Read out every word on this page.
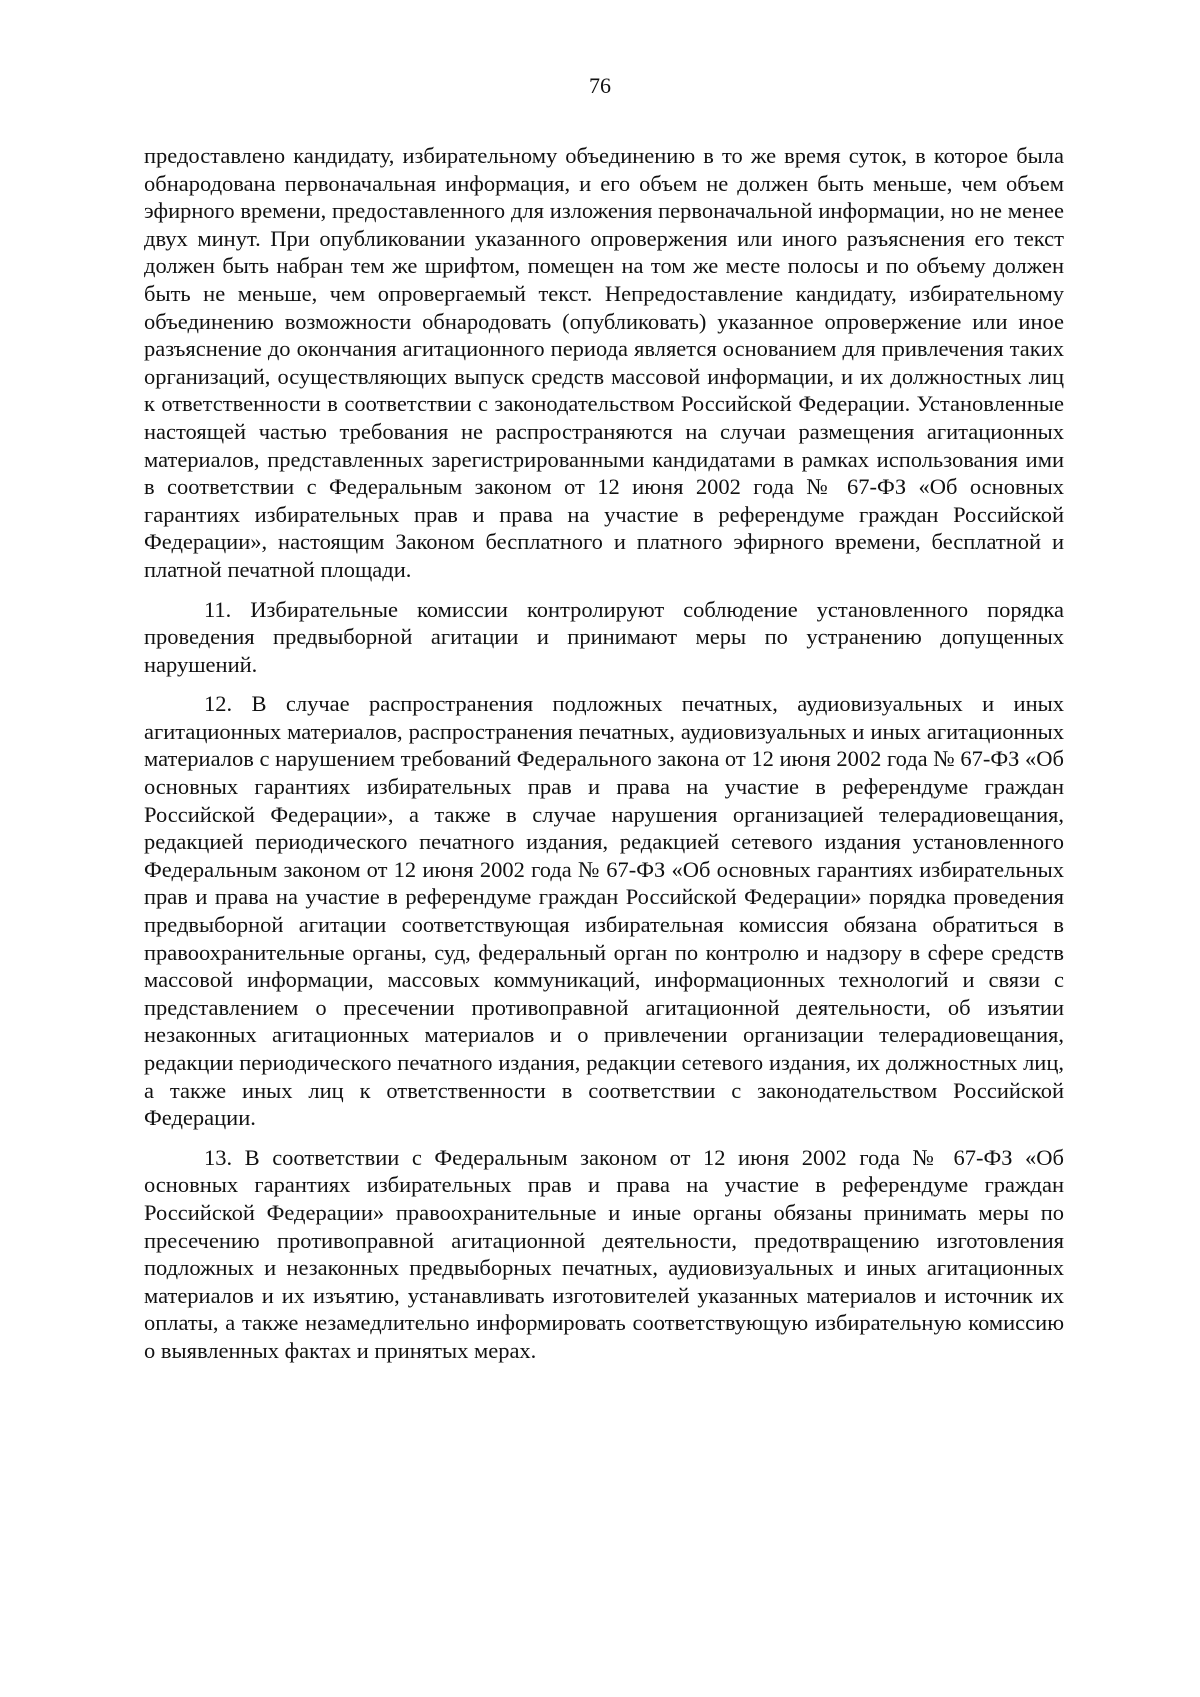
76

предоставлено кандидату, избирательному объединению в то же время суток, в которое была обнародована первоначальная информация, и его объем не должен быть меньше, чем объем эфирного времени, предоставленного для изложения первоначальной информации, но не менее двух минут. При опубликовании указанного опровержения или иного разъяснения его текст должен быть набран тем же шрифтом, помещен на том же месте полосы и по объему должен быть не меньше, чем опровергаемый текст. Непредоставление кандидату, избирательному объединению возможности обнародовать (опубликовать) указанное опровержение или иное разъяснение до окончания агитационного периода является основанием для привлечения таких организаций, осуществляющих выпуск средств массовой информации, и их должностных лиц к ответственности в соответствии с законодательством Российской Федерации. Установленные настоящей частью требования не распространяются на случаи размещения агитационных материалов, представленных зарегистрированными кандидатами в рамках использования ими в соответствии с Федеральным законом от 12 июня 2002 года № 67-ФЗ «Об основных гарантиях избирательных прав и права на участие в референдуме граждан Российской Федерации», настоящим Законом бесплатного и платного эфирного времени, бесплатной и платной печатной площади.

11. Избирательные комиссии контролируют соблюдение установленного порядка проведения предвыборной агитации и принимают меры по устранению допущенных нарушений.

12. В случае распространения подложных печатных, аудиовизуальных и иных агитационных материалов, распространения печатных, аудиовизуальных и иных агитационных материалов с нарушением требований Федерального закона от 12 июня 2002 года № 67-ФЗ «Об основных гарантиях избирательных прав и права на участие в референдуме граждан Российской Федерации», а также в случае нарушения организацией телерадиовещания, редакцией периодического печатного издания, редакцией сетевого издания установленного Федеральным законом от 12 июня 2002 года № 67-ФЗ «Об основных гарантиях избирательных прав и права на участие в референдуме граждан Российской Федерации» порядка проведения предвыборной агитации соответствующая избирательная комиссия обязана обратиться в правоохранительные органы, суд, федеральный орган по контролю и надзору в сфере средств массовой информации, массовых коммуникаций, информационных технологий и связи с представлением о пресечении противоправной агитационной деятельности, об изъятии незаконных агитационных материалов и о привлечении организации телерадиовещания, редакции периодического печатного издания, редакции сетевого издания, их должностных лиц, а также иных лиц к ответственности в соответствии с законодательством Российской Федерации.

13. В соответствии с Федеральным законом от 12 июня 2002 года № 67-ФЗ «Об основных гарантиях избирательных прав и права на участие в референдуме граждан Российской Федерации» правоохранительные и иные органы обязаны принимать меры по пресечению противоправной агитационной деятельности, предотвращению изготовления подложных и незаконных предвыборных печатных, аудиовизуальных и иных агитационных материалов и их изъятию, устанавливать изготовителей указанных материалов и источник их оплаты, а также незамедлительно информировать соответствующую избирательную комиссию о выявленных фактах и принятых мерах.
